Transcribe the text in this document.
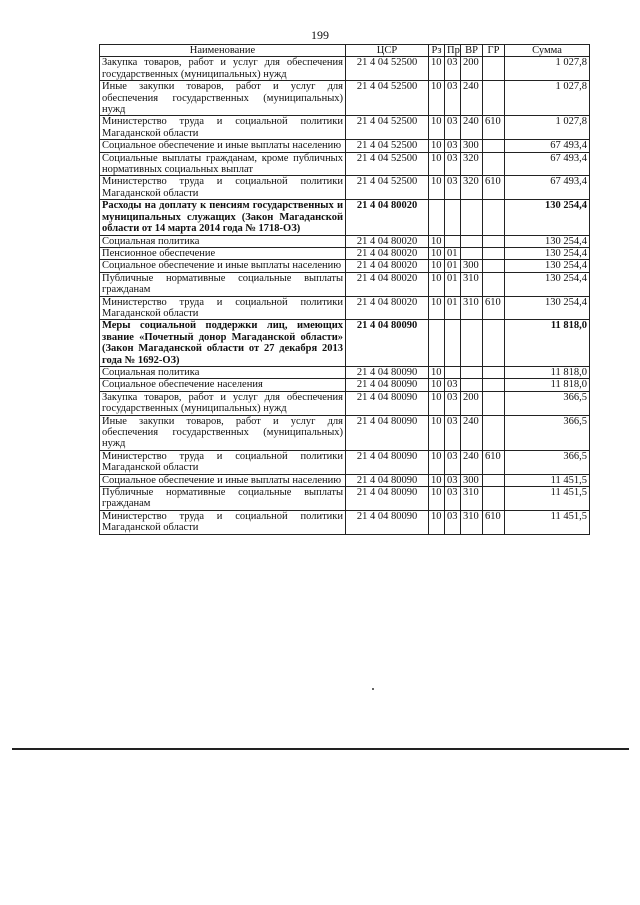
199
Наименование	ЦСР	Рз	Пр	ВР	ГР	Сумма
Закупка товаров, работ и услуг для обеспечения государственных (муниципальных) нужд	21 4 04 52500	10	03	200		1 027,8
Иные закупки товаров, работ и услуг для обеспечения государственных (муниципальных) нужд	21 4 04 52500	10	03	240		1 027,8
Министерство труда и социальной политики Магаданской области	21 4 04 52500	10	03	240	610	1 027,8
Социальное обеспечение и иные выплаты населению	21 4 04 52500	10	03	300		67 493,4
Социальные выплаты гражданам, кроме публичных нормативных социальных выплат	21 4 04 52500	10	03	320		67 493,4
Министерство труда и социальной политики Магаданской области	21 4 04 52500	10	03	320	610	67 493,4
Расходы на доплату к пенсиям государственных и муниципальных служащих (Закон Магаданской области от 14 марта 2014 года № 1718-ОЗ)	21 4 04 80020					130 254,4
Социальная политика	21 4 04 80020	10				130 254,4
Пенсионное обеспечение	21 4 04 80020	10	01			130 254,4
Социальное обеспечение и иные выплаты населению	21 4 04 80020	10	01	300		130 254,4
Публичные нормативные социальные выплаты гражданам	21 4 04 80020	10	01	310		130 254,4
Министерство труда и социальной политики Магаданской области	21 4 04 80020	10	01	310	610	130 254,4
Меры социальной поддержки лиц, имеющих звание «Почетный донор Магаданской области» (Закон Магаданской области от 27 декабря 2013 года № 1692-ОЗ)	21 4 04 80090					11 818,0
Социальная политика	21 4 04 80090	10				11 818,0
Социальное обеспечение населения	21 4 04 80090	10	03			11 818,0
Закупка товаров, работ и услуг для обеспечения государственных (муниципальных) нужд	21 4 04 80090	10	03	200		366,5
Иные закупки товаров, работ и услуг для обеспечения государственных (муниципальных) нужд	21 4 04 80090	10	03	240		366,5
Министерство труда и социальной политики Магаданской области	21 4 04 80090	10	03	240	610	366,5
Социальное обеспечение и иные выплаты населению	21 4 04 80090	10	03	300		11 451,5
Публичные нормативные социальные выплаты гражданам	21 4 04 80090	10	03	310		11 451,5
Министерство труда и социальной политики Магаданской области	21 4 04 80090	10	03	310	610	11 451,5
